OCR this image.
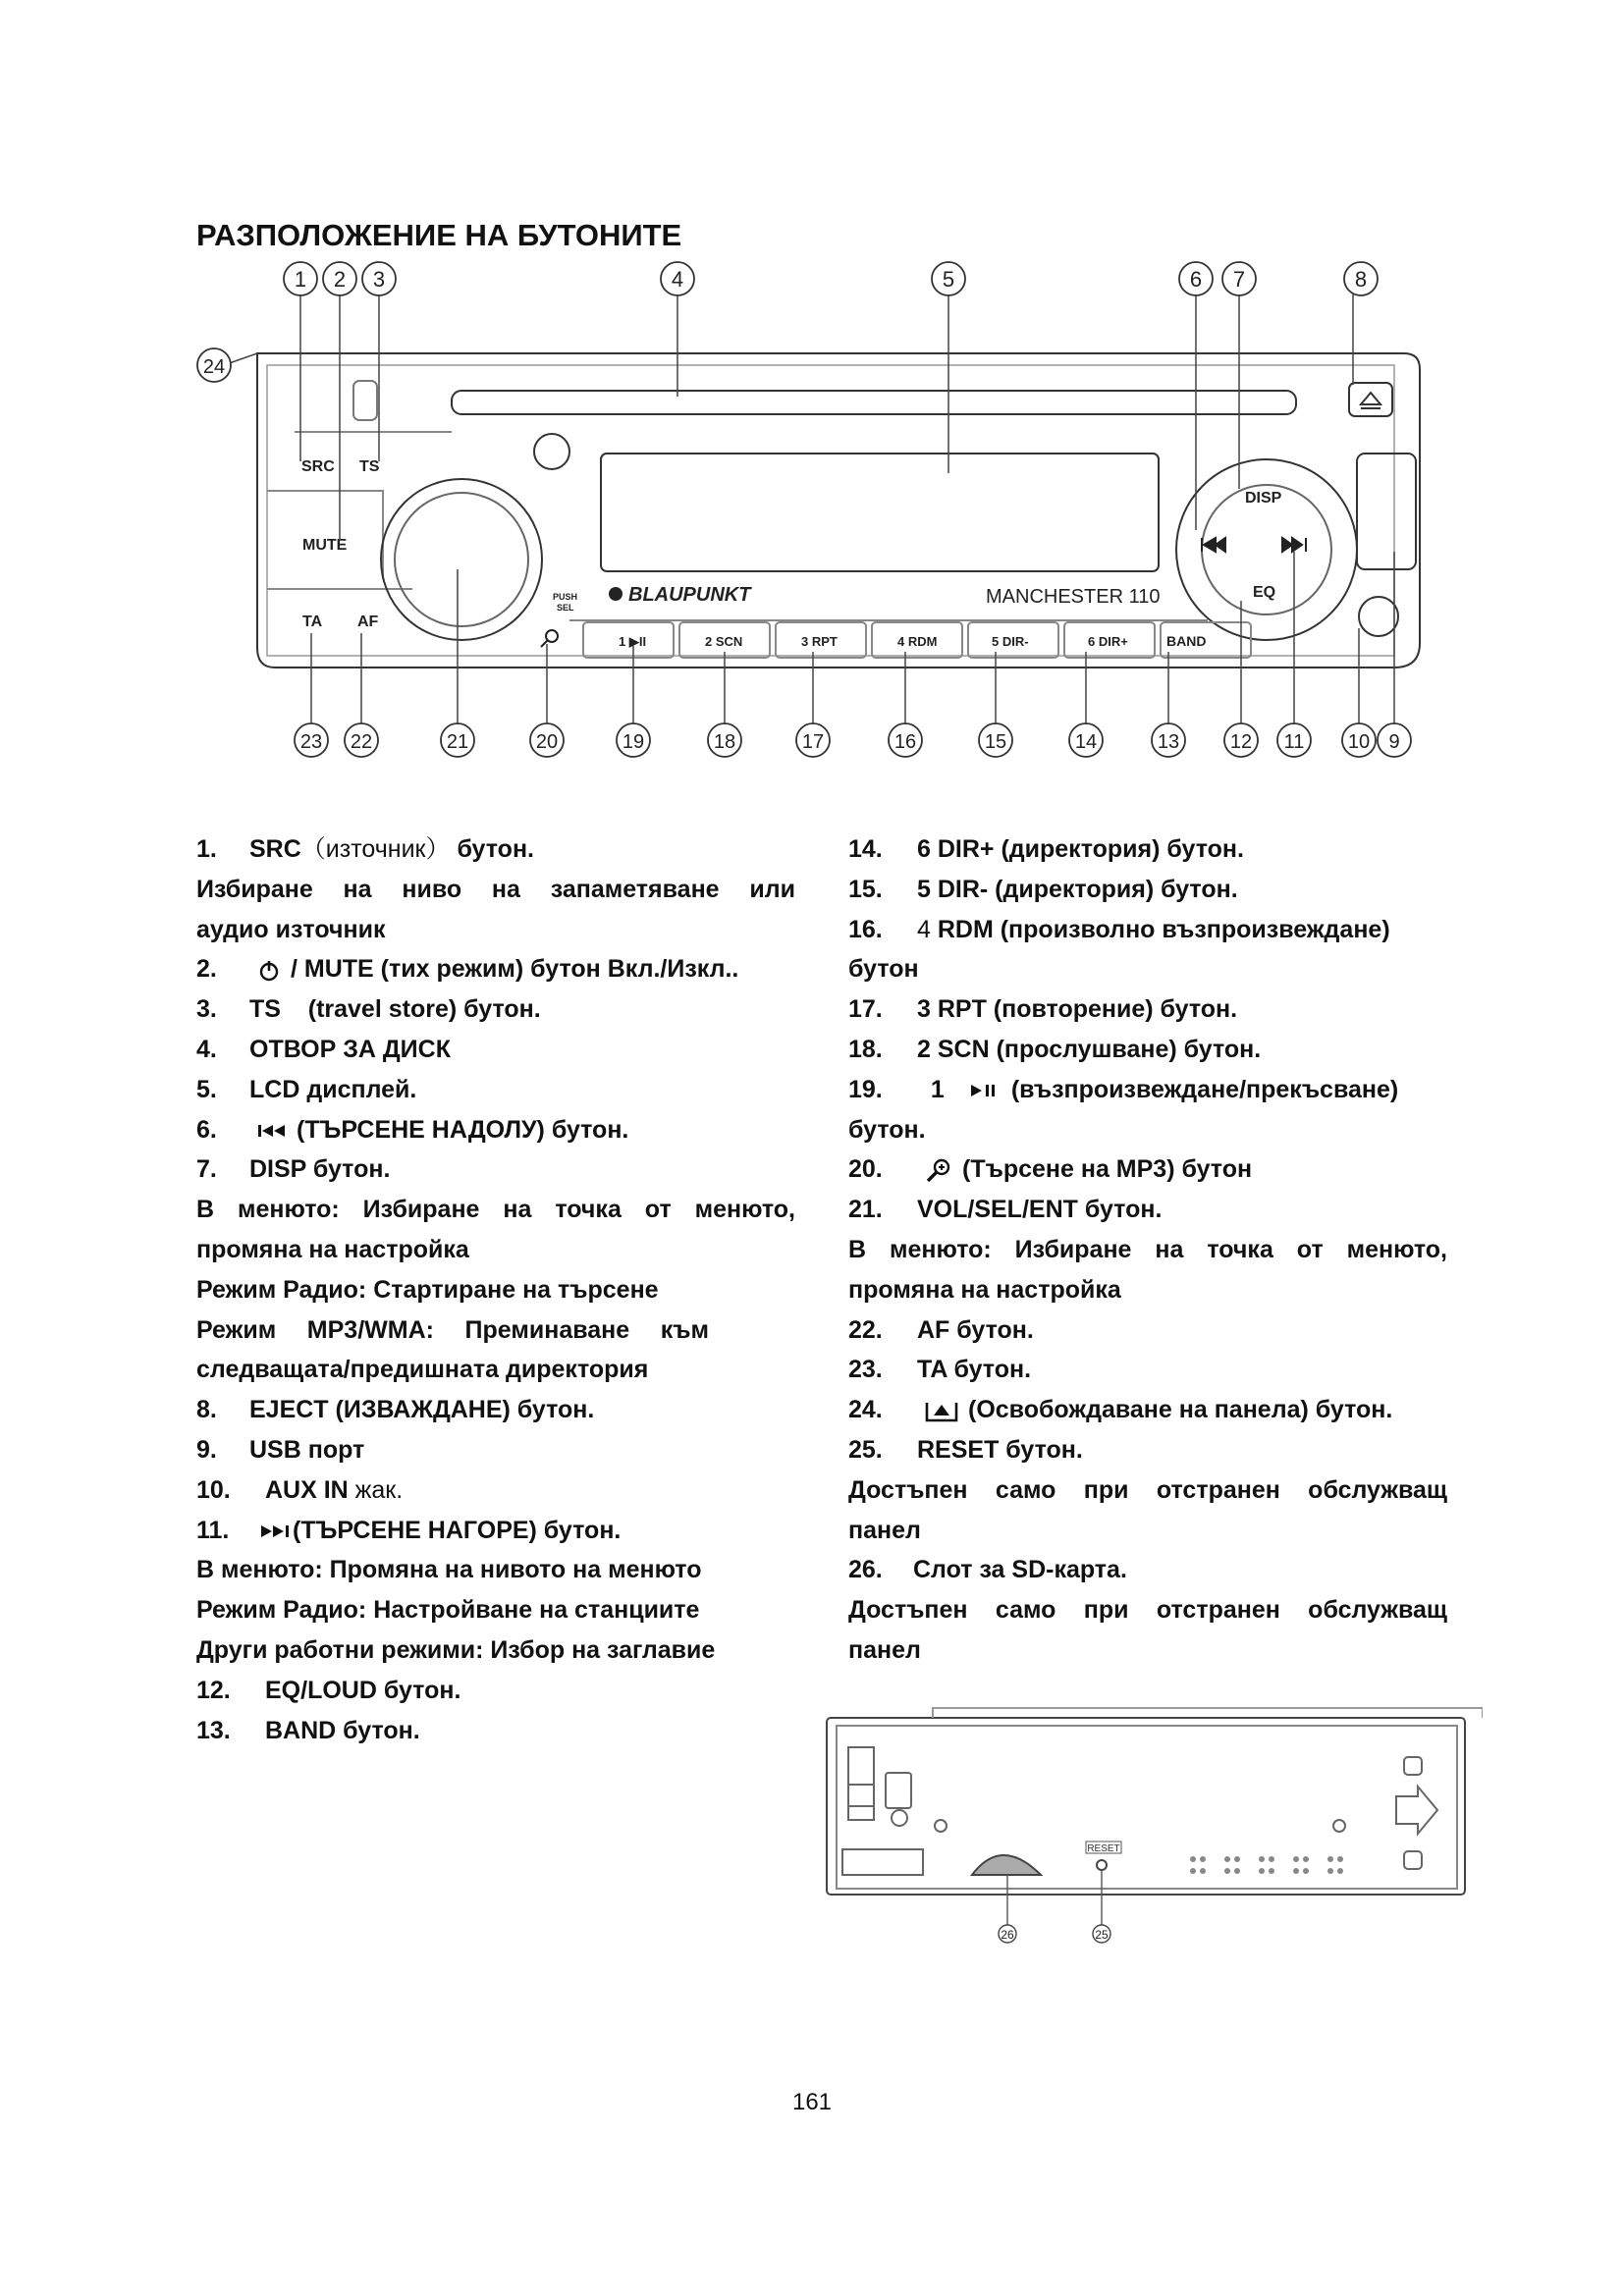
РАЗПОЛОЖЕНИЕ НА БУТОНИТЕ
SRC TS
MUTE
TA AF
DISP
EQ
BAND
PUSH
SEL
BLAUPUNKT	MANCHESTER 110
1 ▶II	2 SCN	3 RPT	4 RDM	5 DIR-	6 DIR+
1 2 3	4	5	6 7	8
24
23 22	21	20	19	18	17	16	15	14	13	12 11 10 9
1. SRC（източник） бутон.
Избиране на ниво на запаметяване или
аудио източник
2.	/ MUTE (тих режим) бутон Вкл./Изкл..
3. TS (travel store) бутон.
4. ОТВОР ЗА ДИСК
5. LCD дисплей.
6.	(ТЪРСЕНЕ НАДОЛУ) бутон.
7. DISP бутон.
В менюто: Избиране на точка от менюто,
промяна на настройка
Режим Радио: Стартиране на търсене
Режим MP3/WMA: Преминаване към
следващата/предишната директория
8. EJECT (ИЗВАЖДАНЕ) бутон.
9. USB порт
10. AUX IN жак.
11.	(ТЪРСЕНЕ НАГОРЕ) бутон.
В менюто: Промяна на нивото на менюто
Режим Радио: Настройване на станциите
Други работни режими: Избор на заглавие
12. EQ/LOUD бутон.
13. BAND бутон.
14. 6 DIR+ (директория) бутон.
15. 5 DIR- (директория) бутон.
16. 4 RDM (произволно възпроизвеждане)
бутон
17. 3 RPT (повторение) бутон.
18. 2 SCN (прослушване) бутон.
19. 1	(възпроизвеждане/прекъсване)
бутон.
20.	(Търсене на MP3) бутон
21. VOL/SEL/ENT бутон.
В менюто: Избиране на точка от менюто,
промяна на настройка
22. AF бутон.
23. TA бутон.
24.	(Освобождаване на панела) бутон.
25. RESET бутон.
Достъпен само при отстранен обслужващ
панел
26. Слот за SD-карта.
Достъпен само при отстранен обслужващ
панел
RESET
26	25
161
